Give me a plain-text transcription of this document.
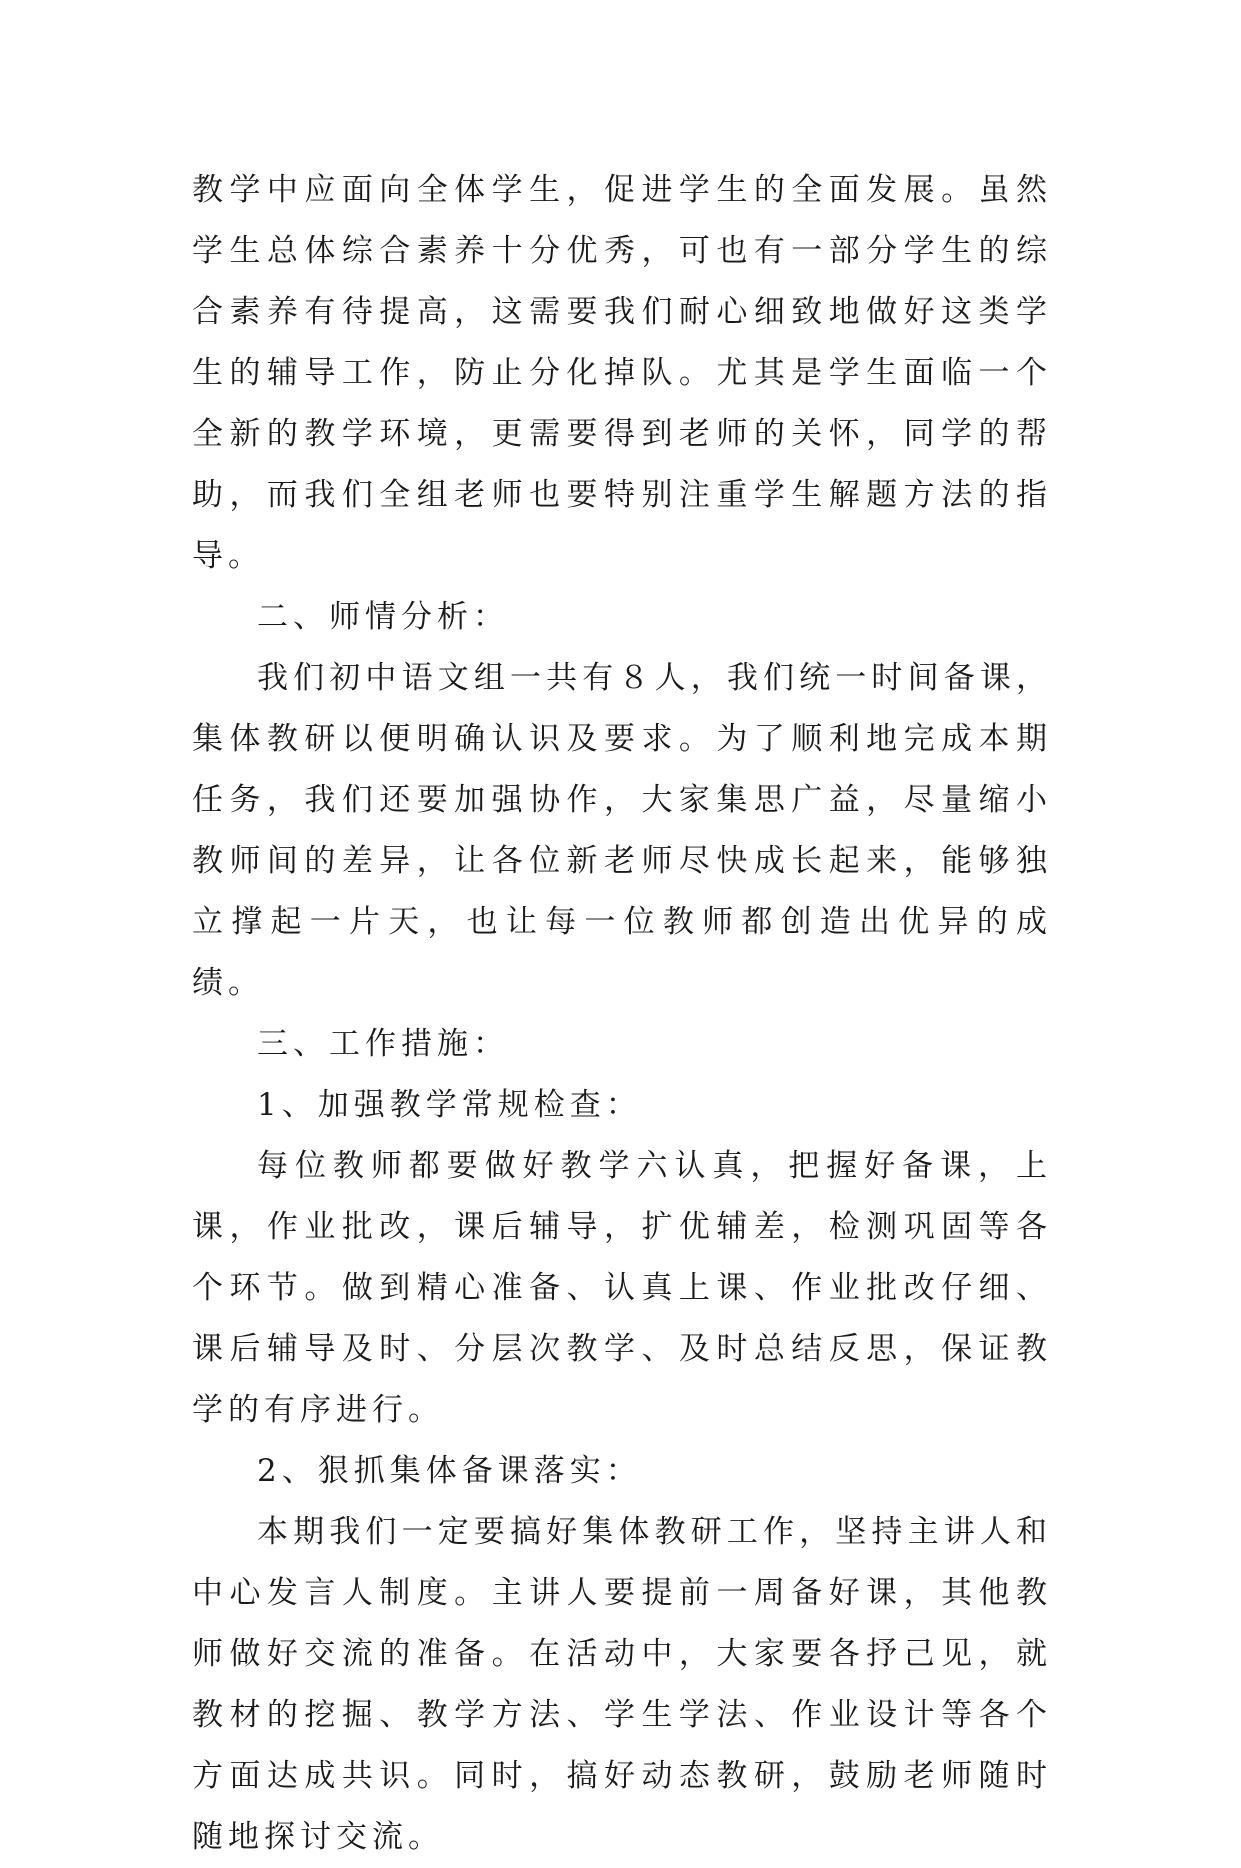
教学中应面向全体学生，促进学生的全面发展。虽然学生总体综合素养十分优秀，可也有一部分学生的综合素养有待提高，这需要我们耐心细致地做好这类学生的辅导工作，防止分化掉队。尤其是学生面临一个全新的教学环境，更需要得到老师的关怀，同学的帮助，而我们全组老师也要特别注重学生解题方法的指导。

二、师情分析：

我们初中语文组一共有８人，我们统一时间备课，集体教研以便明确认识及要求。为了顺利地完成本期任务，我们还要加强协作，大家集思广益，尽量缩小教师间的差异，让各位新老师尽快成长起来，能够独立撑起一片天，也让每一位教师都创造出优异的成绩。

三、工作措施：

1、加强教学常规检查：

每位教师都要做好教学六认真，把握好备课，上课，作业批改，课后辅导，扩优辅差，检测巩固等各个环节。做到精心准备、认真上课、作业批改仔细、课后辅导及时、分层次教学、及时总结反思，保证教学的有序进行。

2、狠抓集体备课落实：

本期我们一定要搞好集体教研工作，坚持主讲人和中心发言人制度。主讲人要提前一周备好课，其他教师做好交流的准备。在活动中，大家要各抒己见，就教材的挖掘、教学方法、学生学法、作业设计等各个方面达成共识。同时，搞好动态教研，鼓励老师随时随地探讨交流。
